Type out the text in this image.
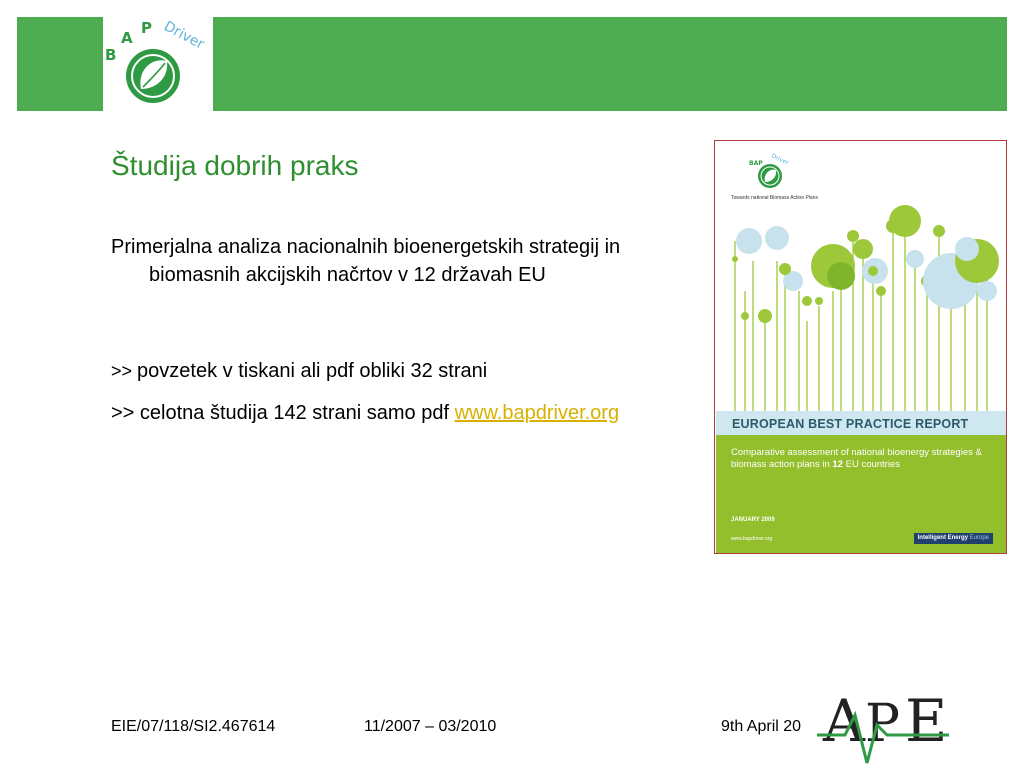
B
A
P Driver
Študija dobrih praks

Primerjalna analiza nacionalnih bioenergetskih strategij in biomasnih akcijskih načrtov v 12 državah EU

>> povzetek v tiskani ali pdf obliki 32 strani

>> celotna študija 142 strani samo pdf www.bapdriver.org

BAP Driver
Towards national Biomass Action Plans
EUROPEAN BEST PRACTICE REPORT
Comparative assessment of national bioenergy strategies & biomass action plans in 12 EU countries
JANUARY 2009
www.bapdriver.org	Intelligent Energy Europe
EIE/07/118/SI2.467614	11/2007 – 03/2010	9th April 20 A P E
